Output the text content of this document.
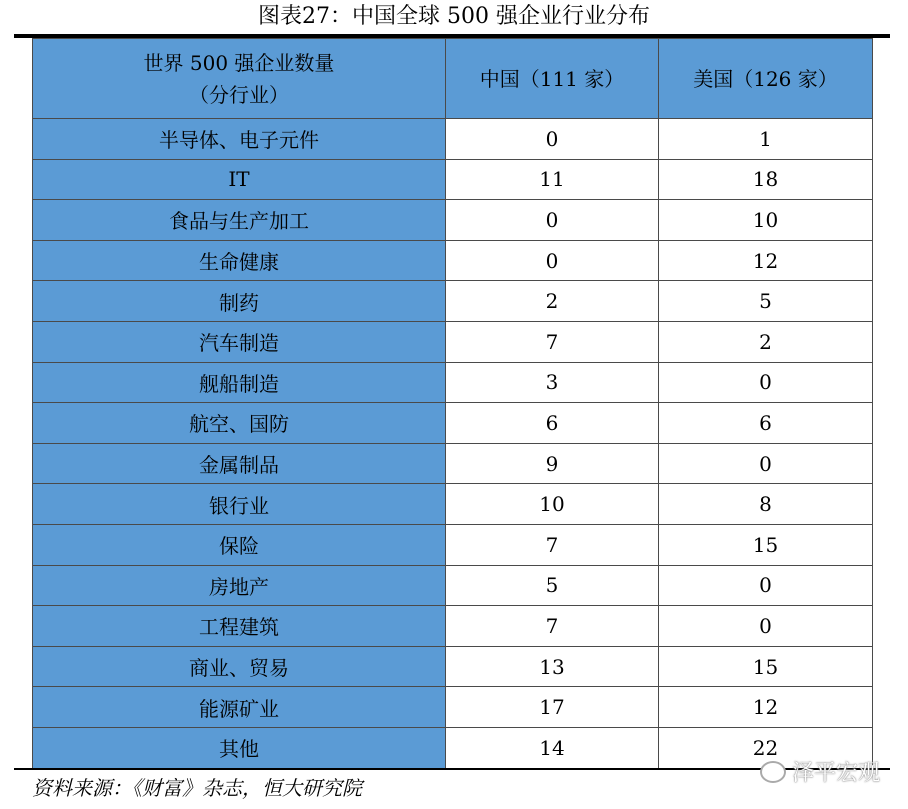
图表27：中国全球 500 强企业行业分布
世界 500 强企业数量
（分行业）	中国（111 家）	美国（126 家）
半导体、电子元件	0	1
IT	11	18
食品与生产加工	0	10
生命健康	0	12
制药	2	5
汽车制造	7	2
舰船制造	3	0
航空、国防	6	6
金属制品	9	0
银行业	10	8
保险	7	15
房地产	5	0
工程建筑	7	0
商业、贸易	13	15
能源矿业	17	12
其他	14	22
资料来源：《财富》杂志，恒大研究院
泽平宏观
